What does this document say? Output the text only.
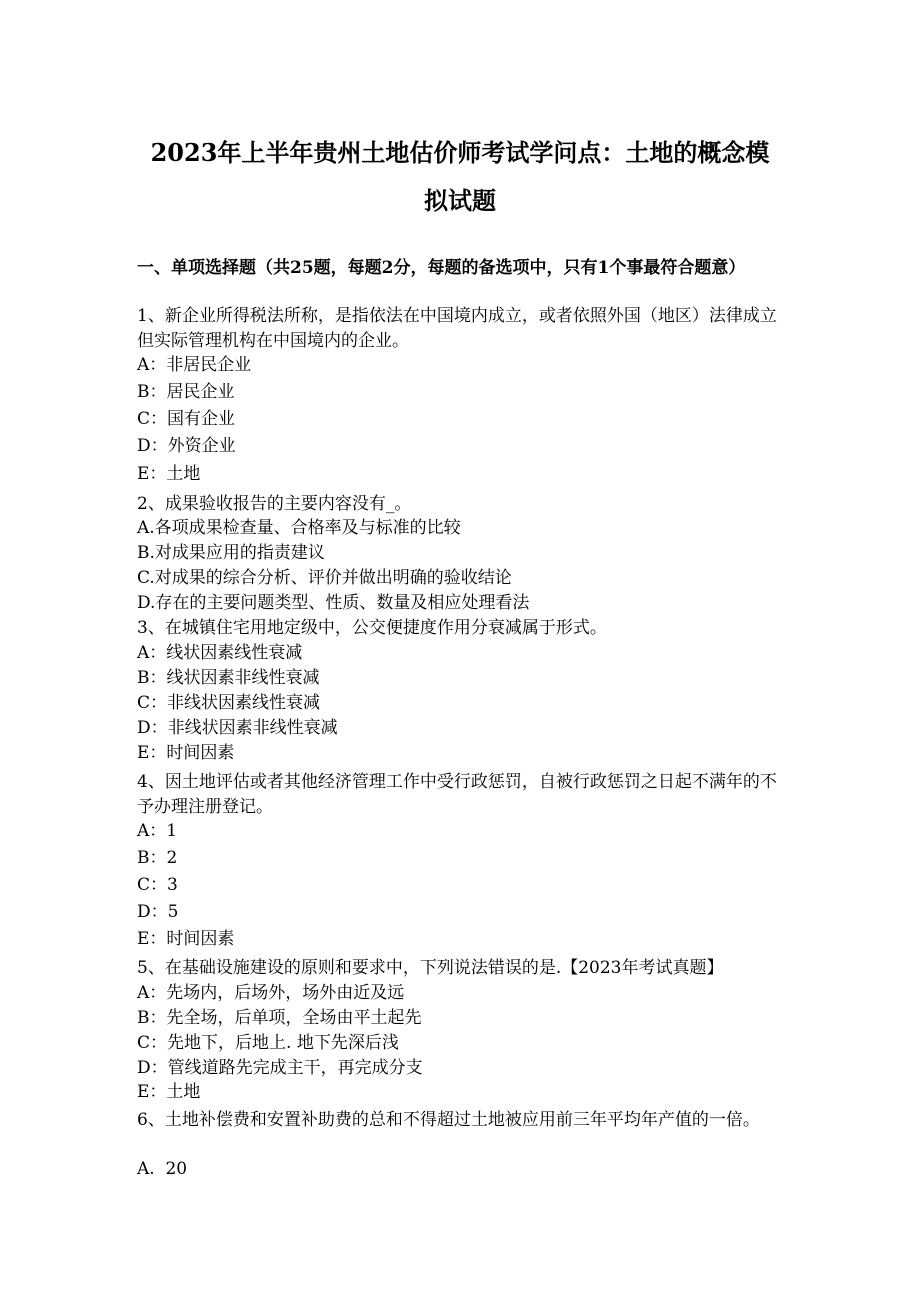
2023年上半年贵州土地估价师考试学问点：土地的概念模
拟试题
一、单项选择题（共25题，每题2分，每题的备选项中，只有1个事最符合题意）
1、新企业所得税法所称，是指依法在中国境内成立，或者依照外国（地区）法律成立但实际管理机构在中国境内的企业。
A：非居民企业
B：居民企业
C：国有企业
D：外资企业
E：土地
2、成果验收报告的主要内容没有_。
A.各项成果检查量、合格率及与标准的比较
B.对成果应用的指责建议
C.对成果的综合分析、评价并做出明确的验收结论
D.存在的主要问题类型、性质、数量及相应处理看法
3、在城镇住宅用地定级中，公交便捷度作用分衰减属于形式。
A：线状因素线性衰减
B：线状因素非线性衰减
C：非线状因素线性衰减
D：非线状因素非线性衰减
E：时间因素
4、因土地评估或者其他经济管理工作中受行政惩罚，自被行政惩罚之日起不满年的不予办理注册登记。
A：1
B：2
C：3
D：5
E：时间因素
5、在基础设施建设的原则和要求中，下列说法错误的是.【2023年考试真题】
A：先场内，后场外，场外由近及远
B：先全场，后单项，全场由平土起先
C：先地下，后地上. 地下先深后浅
D：管线道路先完成主干，再完成分支
E：土地
6、土地补偿费和安置补助费的总和不得超过土地被应用前三年平均年产值的一倍。
A.  20
